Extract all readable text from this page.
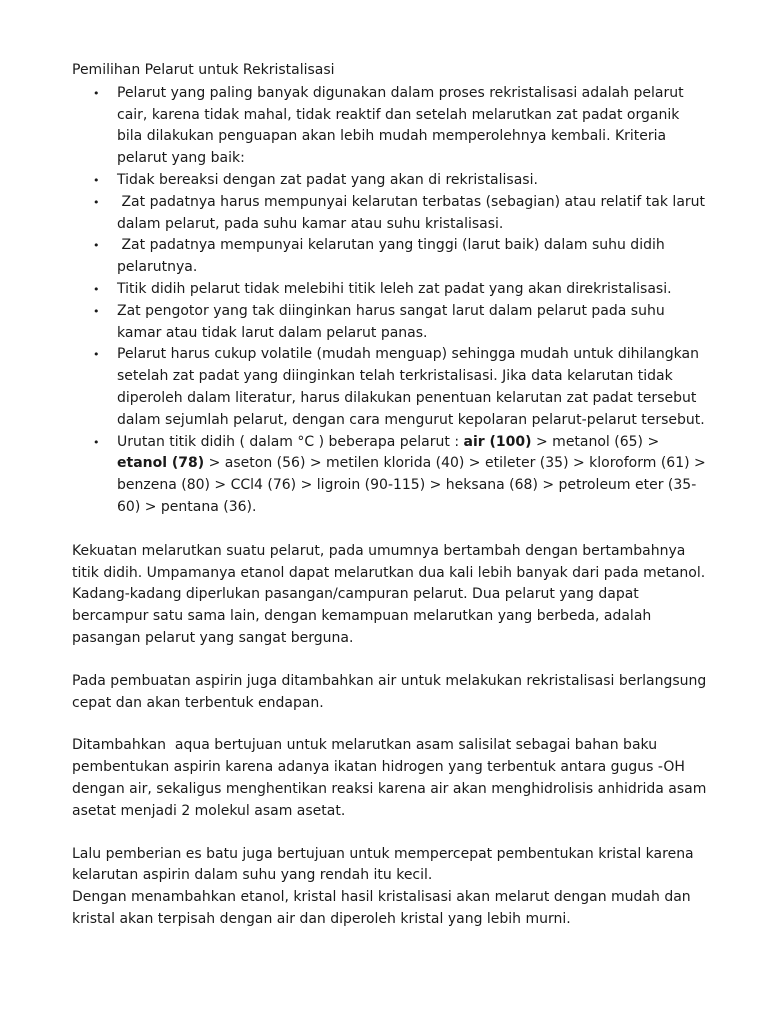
Pemilihan Pelarut untuk Rekristalisasi

• Pelarut yang paling banyak digunakan dalam proses rekristalisasi adalah pelarut cair, karena tidak mahal, tidak reaktif dan setelah melarutkan zat padat organik bila dilakukan penguapan akan lebih mudah memperolehnya kembali. Kriteria pelarut yang baik:
• Tidak bereaksi dengan zat padat yang akan di rekristalisasi.
• Zat padatnya harus mempunyai kelarutan terbatas (sebagian) atau relatif tak larut dalam pelarut, pada suhu kamar atau suhu kristalisasi.
• Zat padatnya mempunyai kelarutan yang tinggi (larut baik) dalam suhu didih pelarutnya.
• Titik didih pelarut tidak melebihi titik leleh zat padat yang akan direkristalisasi.
• Zat pengotor yang tak diinginkan harus sangat larut dalam pelarut pada suhu kamar atau tidak larut dalam pelarut panas.
• Pelarut harus cukup volatile (mudah menguap) sehingga mudah untuk dihilangkan setelah zat padat yang diinginkan telah terkristalisasi. Jika data kelarutan tidak diperoleh dalam literatur, harus dilakukan penentuan kelarutan zat padat tersebut dalam sejumlah pelarut, dengan cara mengurut kepolaran pelarut-pelarut tersebut.
• Urutan titik didih ( dalam °C ) beberapa pelarut : air (100) > metanol (65) > etanol (78) > aseton (56) > metilen klorida (40) > etileter (35) > kloroform (61) > benzena (80) > CCl4 (76) > ligroin (90-115) > heksana (68) > petroleum eter (35-60) > pentana (36).

Kekuatan melarutkan suatu pelarut, pada umumnya bertambah dengan bertambahnya titik didih. Umpamanya etanol dapat melarutkan dua kali lebih banyak dari pada metanol. Kadang-kadang diperlukan pasangan/campuran pelarut. Dua pelarut yang dapat bercampur satu sama lain, dengan kemampuan melarutkan yang berbeda, adalah pasangan pelarut yang sangat berguna.

Pada pembuatan aspirin juga ditambahkan air untuk melakukan rekristalisasi berlangsung cepat dan akan terbentuk endapan.

Ditambahkan  aqua bertujuan untuk melarutkan asam salisilat sebagai bahan baku pembentukan aspirin karena adanya ikatan hidrogen yang terbentuk antara gugus -OH dengan air, sekaligus menghentikan reaksi karena air akan menghidrolisis anhidrida asam asetat menjadi 2 molekul asam asetat.

Lalu pemberian es batu juga bertujuan untuk mempercepat pembentukan kristal karena kelarutan aspirin dalam suhu yang rendah itu kecil.

Dengan menambahkan etanol, kristal hasil kristalisasi akan melarut dengan mudah dan kristal akan terpisah dengan air dan diperoleh kristal yang lebih murni.
